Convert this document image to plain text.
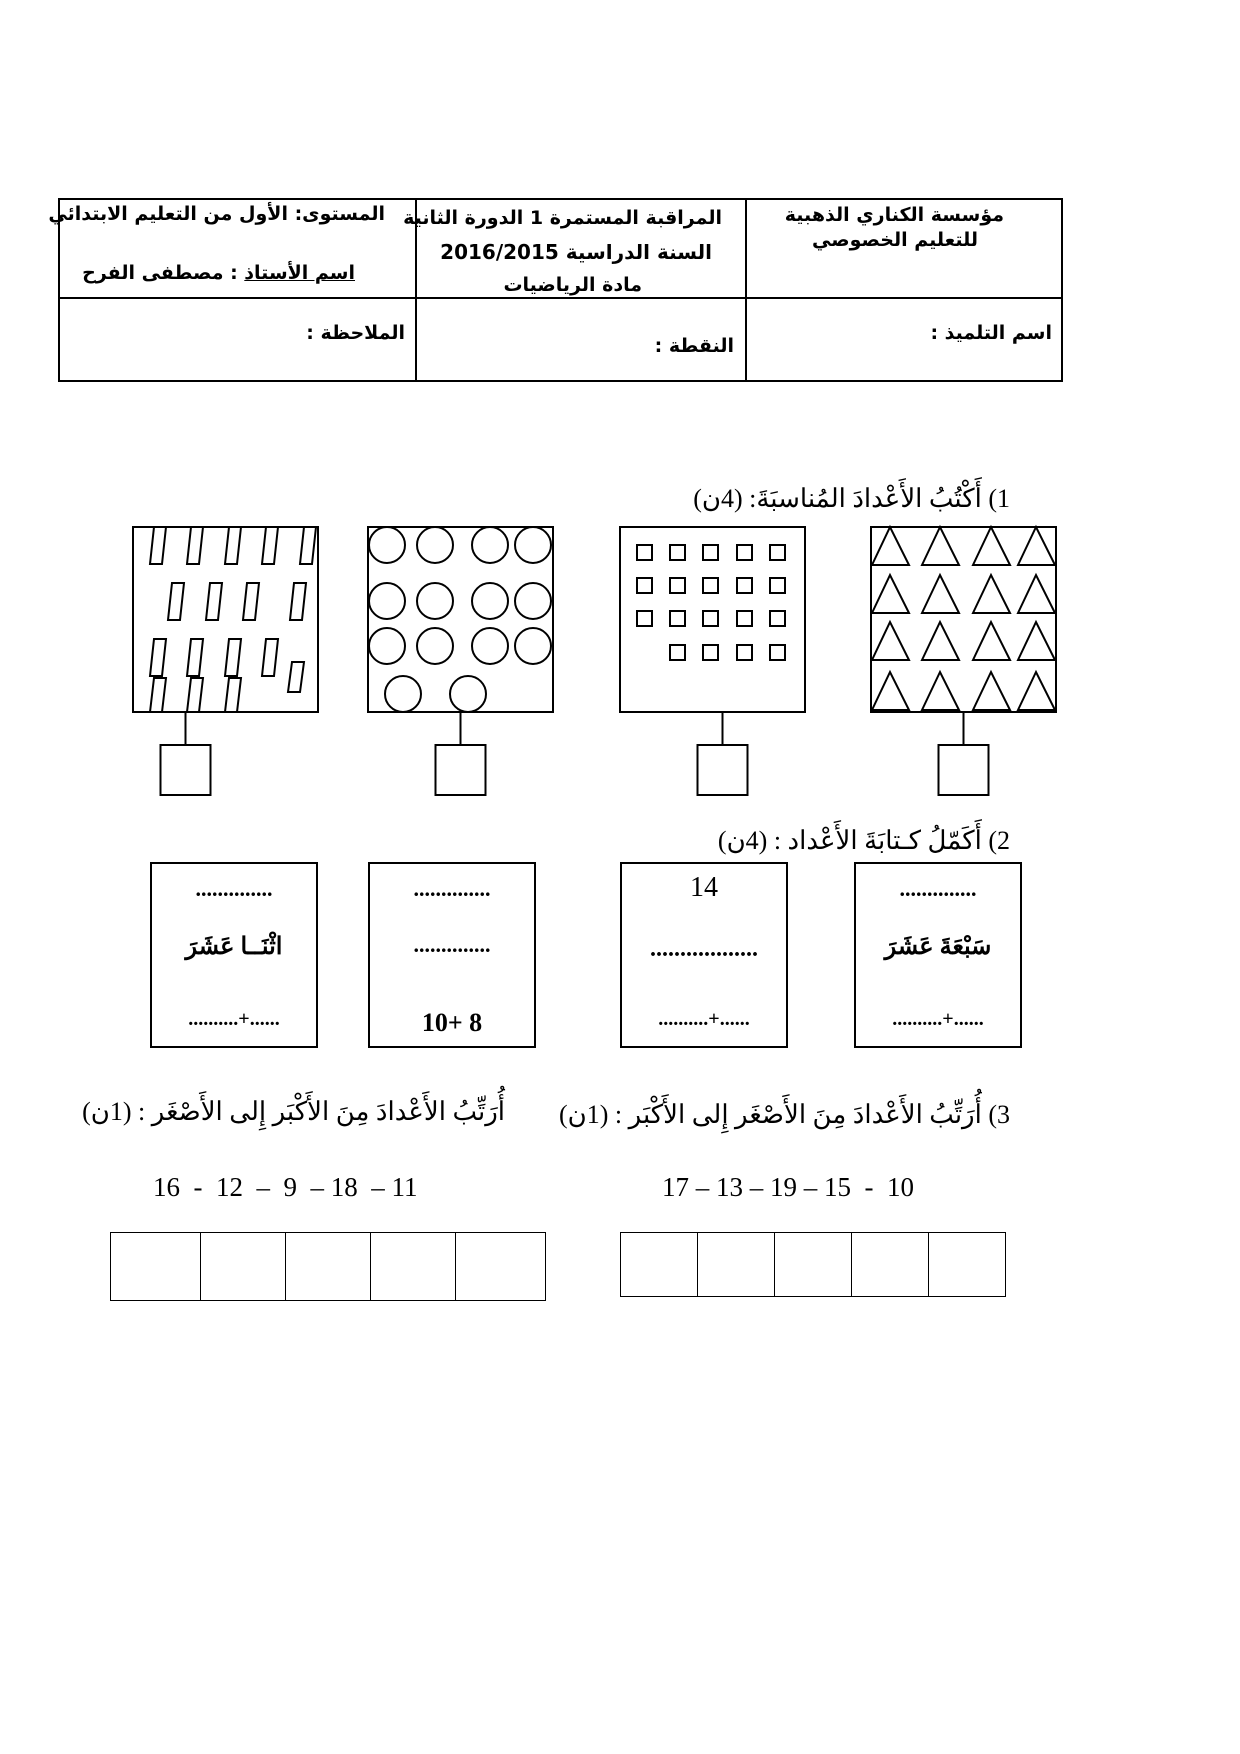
مؤسسة الكناري الذهبية
للتعليم الخصوصي
المراقبة المستمرة 1 الدورة الثانية
السنة الدراسية 2016/2015
مادة الرياضيات
المستوى: الأول من التعليم الابتدائي
اسم الأستاذ : مصطفى الفرح
اسم التلميذ :
النقطة :
الملاحظة :
1) أَكْتُبُ الأَعْدادَ المُناسبَةَ: (4ن)
2) أَكَمّلُ كـتابَةَ الأَعْداد : (4ن)
..............
سَبْعَةَ عَشَرَ
......+..........
14
..................
......+..........
..............
..............
8 +10
..............
اثْنَــا عَشَرَ
......+..........
3) أُرَتِّبُ الأَعْدادَ مِنَ الأَصْغَر إِلى الأَكْبَر : (1ن)
أُرَتِّبُ الأَعْدادَ مِنَ الأَكْبَر إِلى الأَصْغَر : (1ن)
17 – 13 – 19 – 15  -  10
16  -  12  –  9  – 18  – 11
